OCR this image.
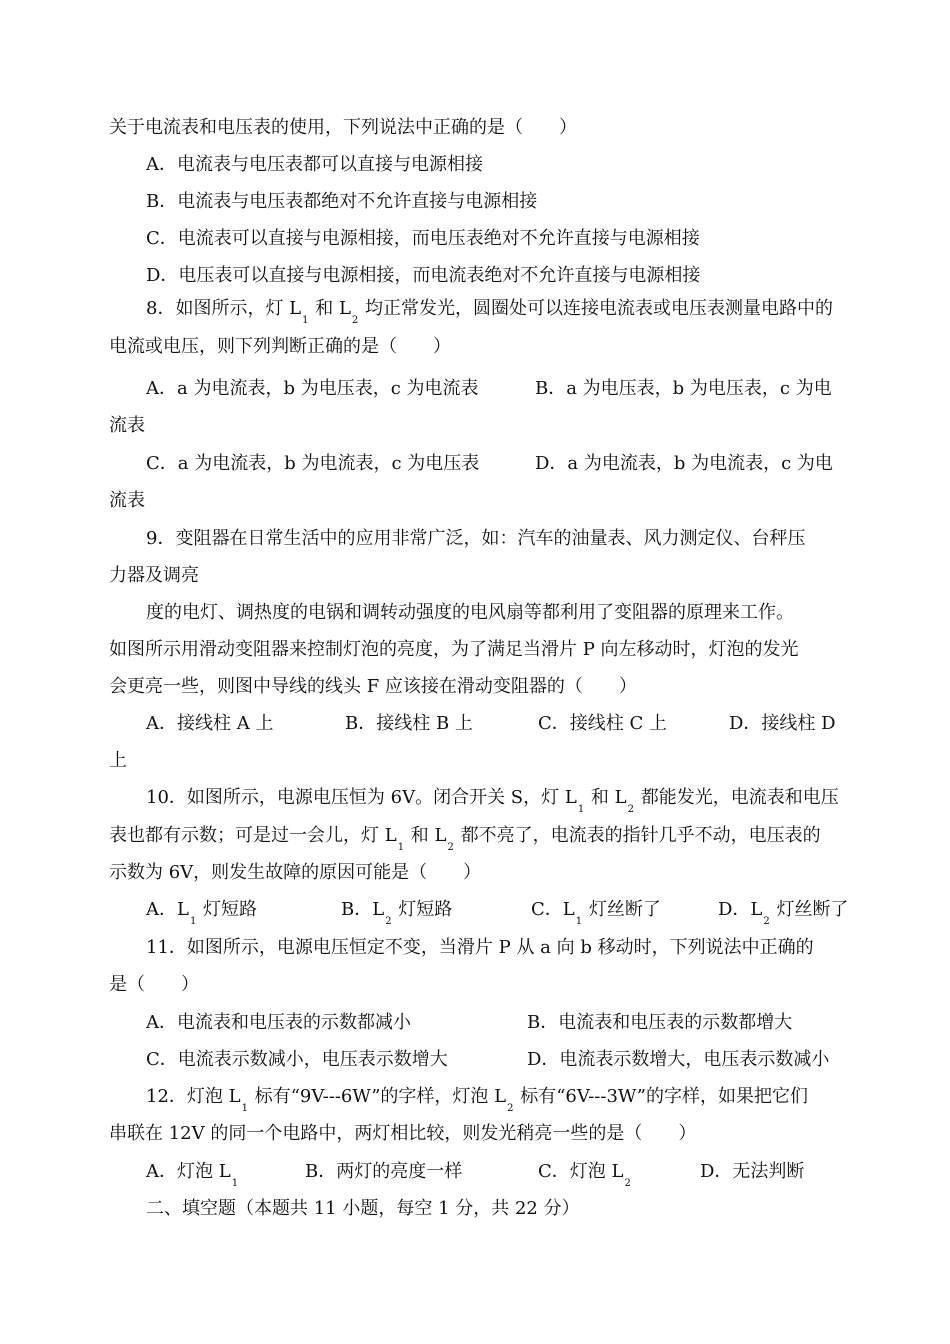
关于电流表和电压表的使用，下列说法中正确的是（　　）
A．电流表与电压表都可以直接与电源相接
B．电流表与电压表都绝对不允许直接与电源相接
C．电流表可以直接与电源相接，而电压表绝对不允许直接与电源相接
D．电压表可以直接与电源相接，而电流表绝对不允许直接与电源相接
8．如图所示，灯 $L_1$ 和 $L_2$ 均正常发光，圆圈处可以连接电流表或电压表测量电路中的
电流或电压，则下列判断正确的是（　　）
A．a 为电流表，b 为电压表，c 为电流表	B．a 为电压表，b 为电压表，c 为电
流表
C．a 为电流表，b 为电流表，c 为电压表	D．a 为电流表，b 为电流表，c 为电
流表
9．变阻器在日常生活中的应用非常广泛，如：汽车的油量表、风力测定仪、台秤压
力器及调亮
度的电灯、调热度的电锅和调转动强度的电风扇等都利用了变阻器的原理来工作。
如图所示用滑动变阻器来控制灯泡的亮度，为了满足当滑片 P 向左移动时，灯泡的发光
会更亮一些，则图中导线的线头 F 应该接在滑动变阻器的（　　）
A．接线柱 A 上	B．接线柱 B 上	C．接线柱 C 上	D．接线柱 D
上
10．如图所示，电源电压恒为 6V。闭合开关 S，灯 $L_1$ 和 $L_2$ 都能发光，电流表和电压
表也都有示数；可是过一会儿，灯 $L_1$ 和 $L_2$ 都不亮了，电流表的指针几乎不动，电压表的
示数为 6V，则发生故障的原因可能是（　　）
A．$L_1$ 灯短路	B．$L_2$ 灯短路	C．$L_1$ 灯丝断了	D．$L_2$ 灯丝断了
11．如图所示，电源电压恒定不变，当滑片 P 从 a 向 b 移动时，下列说法中正确的
是（　　）
A．电流表和电压表的示数都减小	B．电流表和电压表的示数都增大
C．电流表示数减小，电压表示数增大	D．电流表示数增大，电压表示数减小
12．灯泡 $L_1$ 标有“9V---6W”的字样，灯泡 $L_2$ 标有“6V---3W”的字样，如果把它们
串联在 12V 的同一个电路中，两灯相比较，则发光稍亮一些的是（　　）
A．灯泡 $L_1$
B．两灯的亮度一样	C．灯泡 $L_2$
D．无法判断
二、填空题（本题共 11 小题，每空 1 分，共 22 分）
